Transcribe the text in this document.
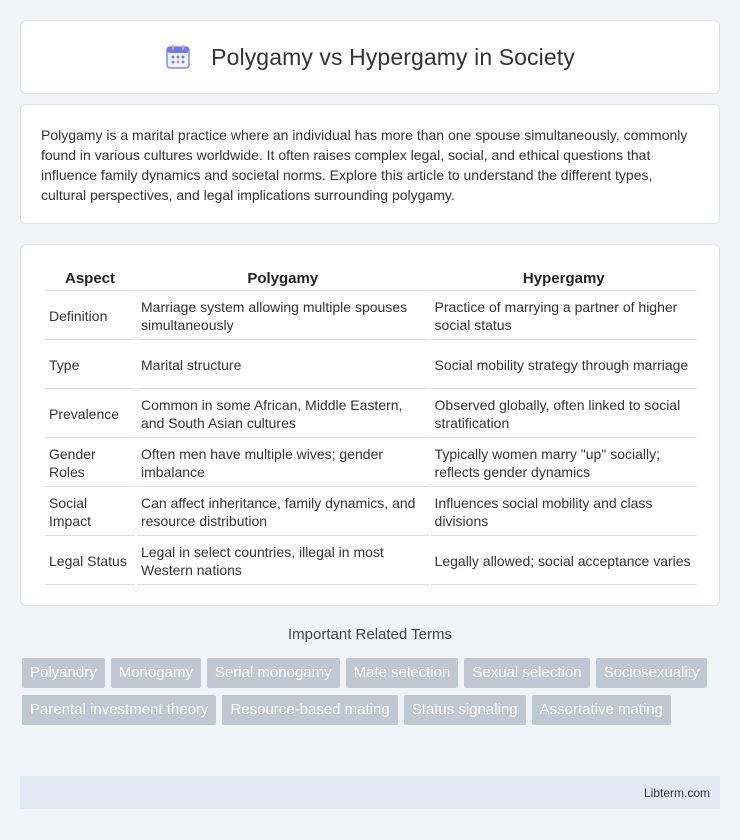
Polygamy vs Hypergamy in Society

Polygamy is a marital practice where an individual has more than one spouse simultaneously, commonly found in various cultures worldwide. It often raises complex legal, social, and ethical questions that influence family dynamics and societal norms. Explore this article to understand the different types, cultural perspectives, and legal implications surrounding polygamy.

Aspect	Polygamy	Hypergamy
Definition	Marriage system allowing multiple spouses simultaneously	Practice of marrying a partner of higher social status
Type	Marital structure	Social mobility strategy through marriage
Prevalence	Common in some African, Middle Eastern, and South Asian cultures	Observed globally, often linked to social stratification
Gender Roles	Often men have multiple wives; gender imbalance	Typically women marry "up" socially; reflects gender dynamics
Social Impact	Can affect inheritance, family dynamics, and resource distribution	Influences social mobility and class divisions
Legal Status	Legal in select countries, illegal in most Western nations	Legally allowed; social acceptance varies
Important Related Terms
Polyandry	Monogamy	Serial monogamy	Mate selection	Sexual selection	Sociosexuality
Parental investment theory	Resource-based mating	Status signaling	Assortative mating
Libterm.com
